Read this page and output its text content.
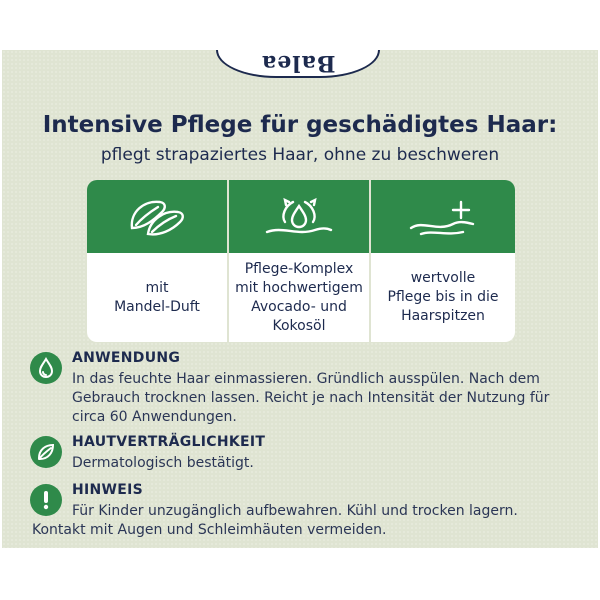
Balea
Intensive Pflege für geschädigtes Haar:
pflegt strapaziertes Haar, ohne zu beschweren
mit
Mandel-Duft
Pflege-Komplex
mit hochwertigem
Avocado- und
Kokosöl
wertvolle
Pflege bis in die
Haarspitzen
ANWENDUNG
In das feuchte Haar einmassieren. Gründlich ausspülen. Nach dem
Gebrauch trocknen lassen. Reicht je nach Intensität der Nutzung für
circa 60 Anwendungen.
HAUTVERTRÄGLICHKEIT
Dermatologisch bestätigt.
HINWEIS
Für Kinder unzugänglich aufbewahren. Kühl und trocken lagern.
Kontakt mit Augen und Schleimhäuten vermeiden.
